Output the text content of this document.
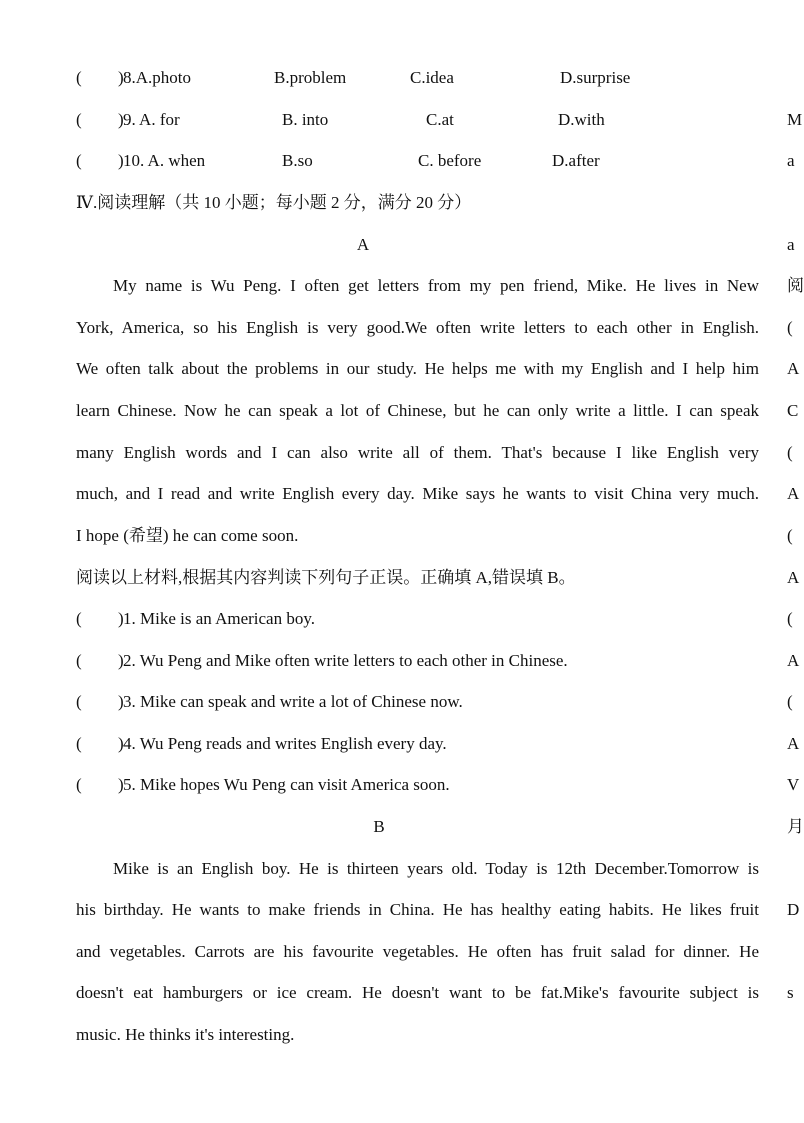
( ) 8.A.photo	B.problem	C.idea	D.surprise
( ) 9. A. for	B. into	C.at	D.with
( ) 10. A. when	B.so	C. before	D.after
Ⅳ.阅读理解（共 10 小题；每小题 2 分，满分 20 分）
A
My name is Wu Peng. I often get letters from my pen friend, Mike. He lives in New
York, America, so his English is very good.We often write letters to each other in English.
We often talk about the problems in our study. He helps me with my English and I help him
learn Chinese. Now he can speak a lot of Chinese, but he can only write a little. I can speak
many English words and I can also write all of them. That's because I like English very
much, and I read and write English every day. Mike says he wants to visit China very much.
I hope (希望) he can come soon.
阅读以上材料,根据其内容判读下列句子正误。正确填 A,错误填 B。
( ) 1. Mike is an American boy.
( ) 2. Wu Peng and Mike often write letters to each other in Chinese.
( ) 3. Mike can speak and write a lot of Chinese now.
( ) 4. Wu Peng reads and writes English every day.
( ) 5. Mike hopes Wu Peng can visit America soon.
B
Mike is an English boy. He is thirteen years old. Today is 12th December.Tomorrow is
his birthday. He wants to make friends in China. He has healthy eating habits. He likes fruit
and vegetables. Carrots are his favourite vegetables. He often has fruit salad for dinner. He
doesn't eat hamburgers or ice cream. He doesn't want to be fat.Mike's favourite subject is
music. He thinks it's interesting.
M
a
a
阅
(
A
C
(
A
(
A
(
A
(
A
V
月
D
s
